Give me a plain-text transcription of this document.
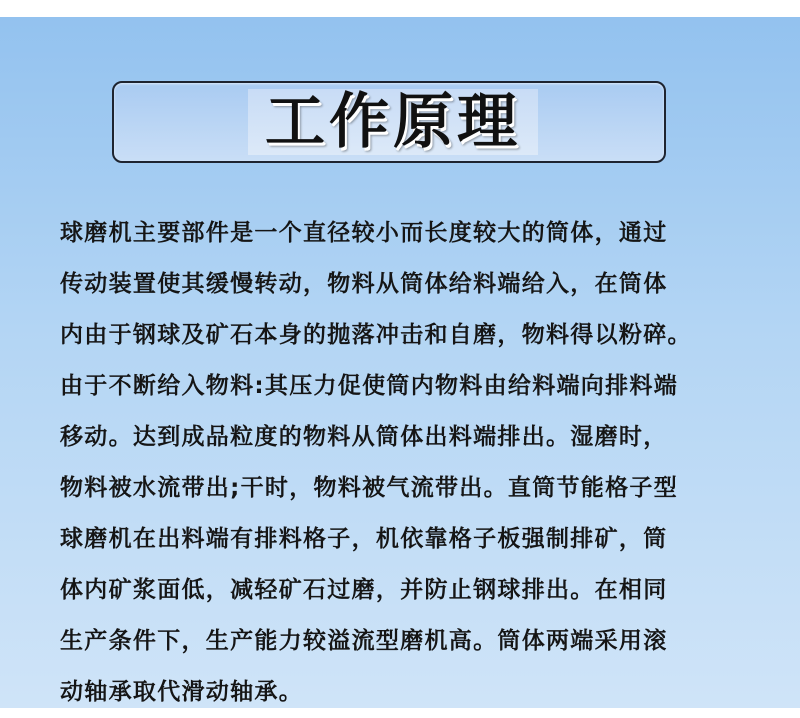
工作原理
球磨机主要部件是一个直径较小而长度较大的筒体，通过
传动装置使其缓慢转动，物料从筒体给料端给入，在筒体
内由于钢球及矿石本身的抛落冲击和自磨，物料得以粉碎。
由于不断给入物料:其压力促使筒内物料由给料端向排料端
移动。达到成品粒度的物料从筒体出料端排出。湿磨时，
物料被水流带出;干时，物料被气流带出。直筒节能格子型
球磨机在出料端有排料格子，机依靠格子板强制排矿，筒
体内矿浆面低，减轻矿石过磨，并防止钢球排出。在相同
生产条件下，生产能力较溢流型磨机高。筒体两端采用滚
动轴承取代滑动轴承。
